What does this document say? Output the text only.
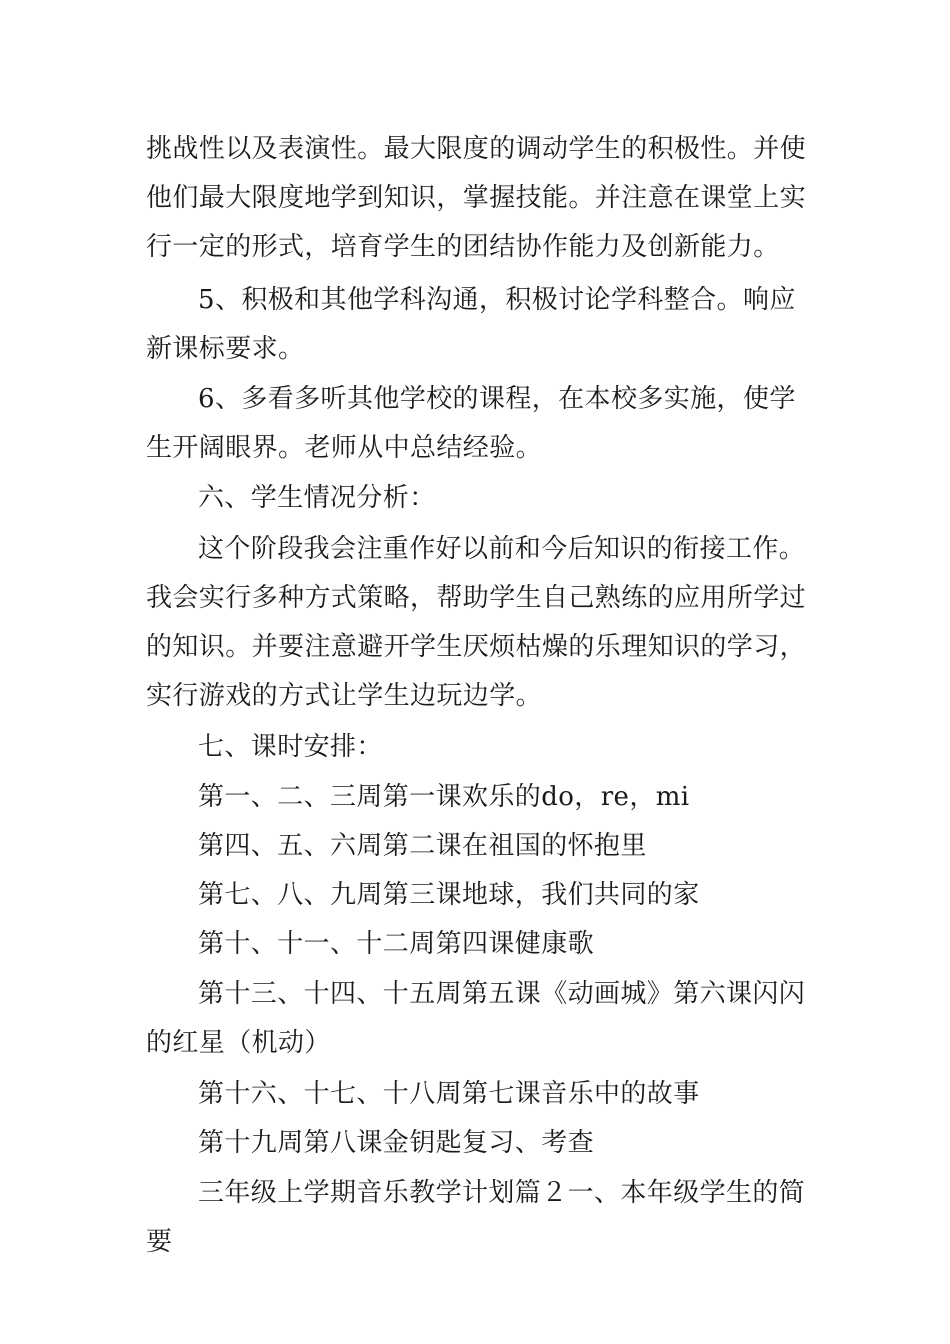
挑战性以及表演性。最大限度的调动学生的积极性。并使他们最大限度地学到知识，掌握技能。并注意在课堂上实行一定的形式，培育学生的团结协作能力及创新能力。

5、积极和其他学科沟通，积极讨论学科整合。响应新课标要求。

6、多看多听其他学校的课程，在本校多实施，使学生开阔眼界。老师从中总结经验。

六、学生情况分析：

这个阶段我会注重作好以前和今后知识的衔接工作。我会实行多种方式策略，帮助学生自己熟练的应用所学过的知识。并要注意避开学生厌烦枯燥的乐理知识的学习，实行游戏的方式让学生边玩边学。

七、课时安排：

第一、二、三周第一课欢乐的do，re，mi

第四、五、六周第二课在祖国的怀抱里

第七、八、九周第三课地球，我们共同的家

第十、十一、十二周第四课健康歌

第十三、十四、十五周第五课《动画城》第六课闪闪的红星（机动）

第十六、十七、十八周第七课音乐中的故事

第十九周第八课金钥匙复习、考查

三年级上学期音乐教学计划篇２一、本年级学生的简要
